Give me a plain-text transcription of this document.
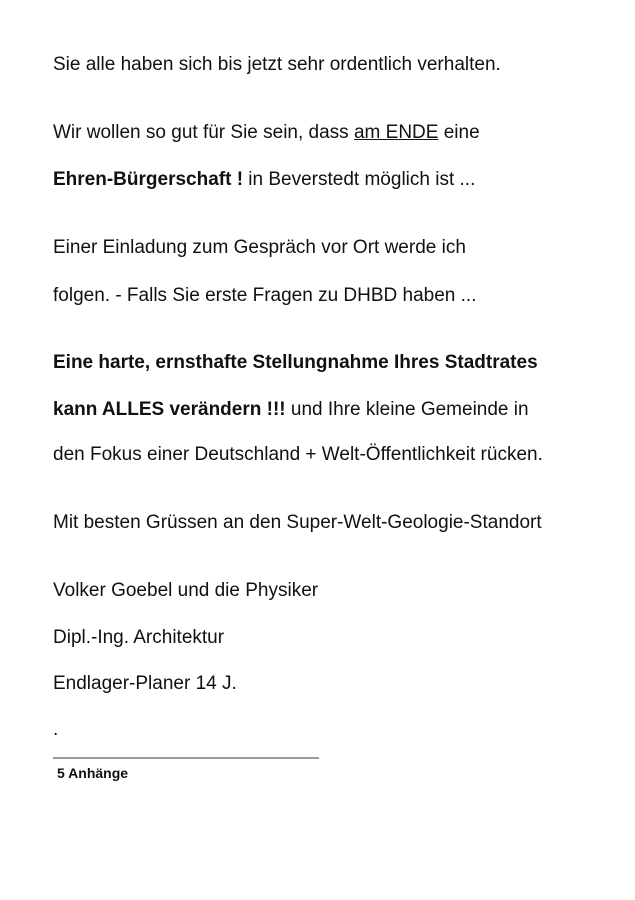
Sie alle haben sich bis jetzt sehr ordentlich verhalten.

Wir wollen so gut für Sie sein, dass am ENDE eine

Ehren-Bürgerschaft ! in Beverstedt möglich ist ...

Einer Einladung zum Gespräch vor Ort werde ich

folgen. - Falls Sie erste Fragen zu DHBD haben ...

Eine harte, ernsthafte Stellungnahme Ihres Stadtrates

kann ALLES verändern !!! und Ihre kleine Gemeinde in

den Fokus einer Deutschland + Welt-Öffentlichkeit rücken.

Mit besten Grüssen an den Super-Welt-Geologie-Standort

Volker Goebel und die Physiker

Dipl.-Ing. Architektur

Endlager-Planer 14 J.

.

5 Anhänge
